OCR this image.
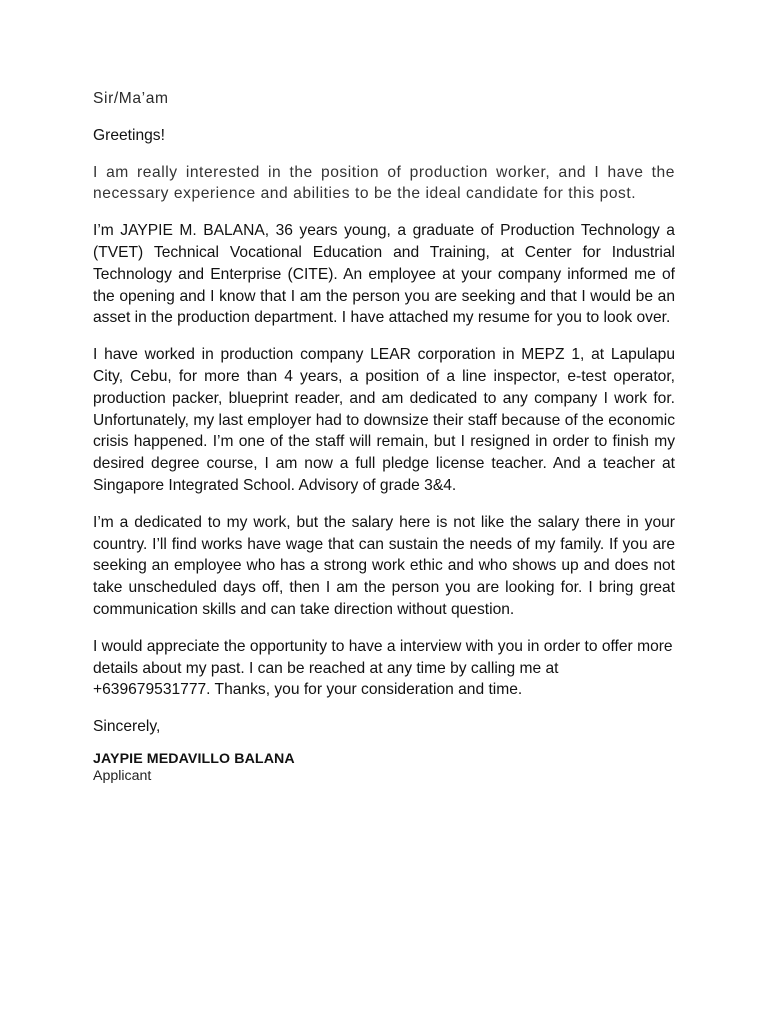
Sir/Ma’am

Greetings!

I am really interested in the position of production worker, and I have the necessary experience and abilities to be the ideal candidate for this post.

I’m JAYPIE M. BALANA, 36 years young, a graduate of Production Technology a (TVET) Technical Vocational Education and Training, at Center for Industrial Technology and Enterprise (CITE). An employee at your company informed me of the opening and I know that I am the person you are seeking and that I would be an asset in the production department. I have attached my resume for you to look over.

I have worked in production company LEAR corporation in MEPZ 1, at Lapulapu City, Cebu, for more than 4 years, a position of a line inspector, e-test operator, production packer, blueprint reader, and am dedicated to any company I work for. Unfortunately, my last employer had to downsize their staff because of the economic crisis happened. I’m one of the staff will remain, but I resigned in order to finish my desired degree course, I am now a full pledge license teacher. And a teacher at Singapore Integrated School. Advisory of grade 3&4.

I’m a dedicated to my work, but the salary here is not like the salary there in your country. I’ll find works have wage that can sustain the needs of my family. If you are seeking an employee who has a strong work ethic and who shows up and does not take unscheduled days off, then I am the person you are looking for. I bring great communication skills and can take direction without question.

I would appreciate the opportunity to have a interview with you in order to offer more details about my past. I can be reached at any time by calling me at +639679531777. Thanks, you for your consideration and time.

Sincerely,

JAYPIE MEDAVILLO BALANA

Applicant
